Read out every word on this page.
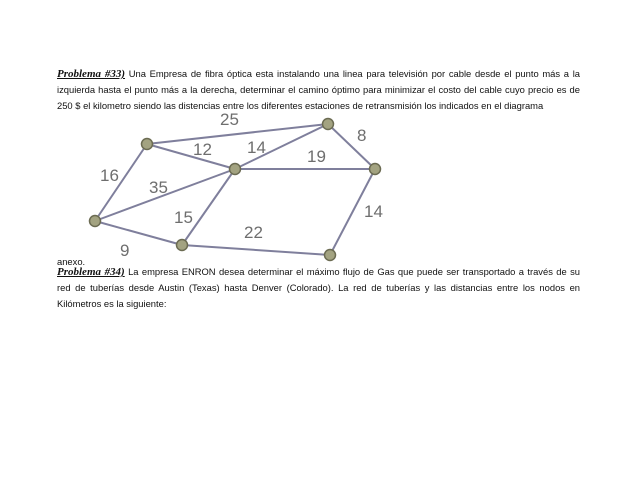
Problema #33) Una Empresa de fibra óptica esta instalando una linea para televisión por cable desde el punto más a la izquierda hasta el punto más a la derecha, determinar el camino óptimo para minimizar el costo del cable cuyo precio es de 250 $ el kilometro siendo las distencias entre los diferentes estaciones de retransmisión los indicados en el diagrama
25
12 14 19
8
16
35
15	14
9
22
anexo.
Problema #34) La empresa ENRON desea determinar el máximo flujo de Gas que puede ser transportado a través de su red de tuberías desde Austin (Texas) hasta Denver (Colorado). La red de tuberías y las distancias entre los nodos en Kilómetros es la siguiente:
